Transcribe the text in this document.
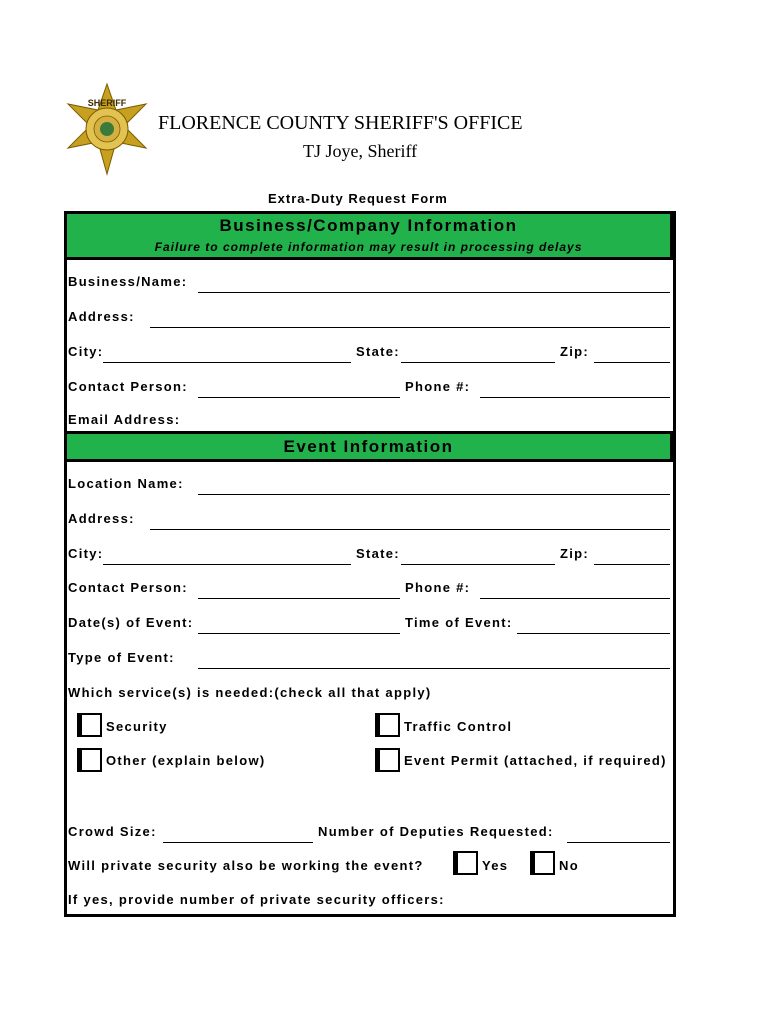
SHERIFF
FLORENCE COUNTY SHERIFF'S OFFICE
TJ Joye, Sheriff
Extra-Duty Request Form
Business/Company Information
Failure to complete information may result in processing delays
Business/Name:
Address:
City:	State:	Zip:
Contact Person:	Phone #:
Email Address:
Event Information
Location Name:
Address:
City:	State:	Zip:
Contact Person:	Phone #:
Date(s) of Event:	Time of Event:
Type of Event:
Which service(s) is needed:(check all that apply)
Security	Traffic Control
Other (explain below)	Event Permit (attached, if required)
Crowd Size:	Number of Deputies Requested:
Will private security also be working the event?	Yes	No
If yes, provide number of private security officers:
